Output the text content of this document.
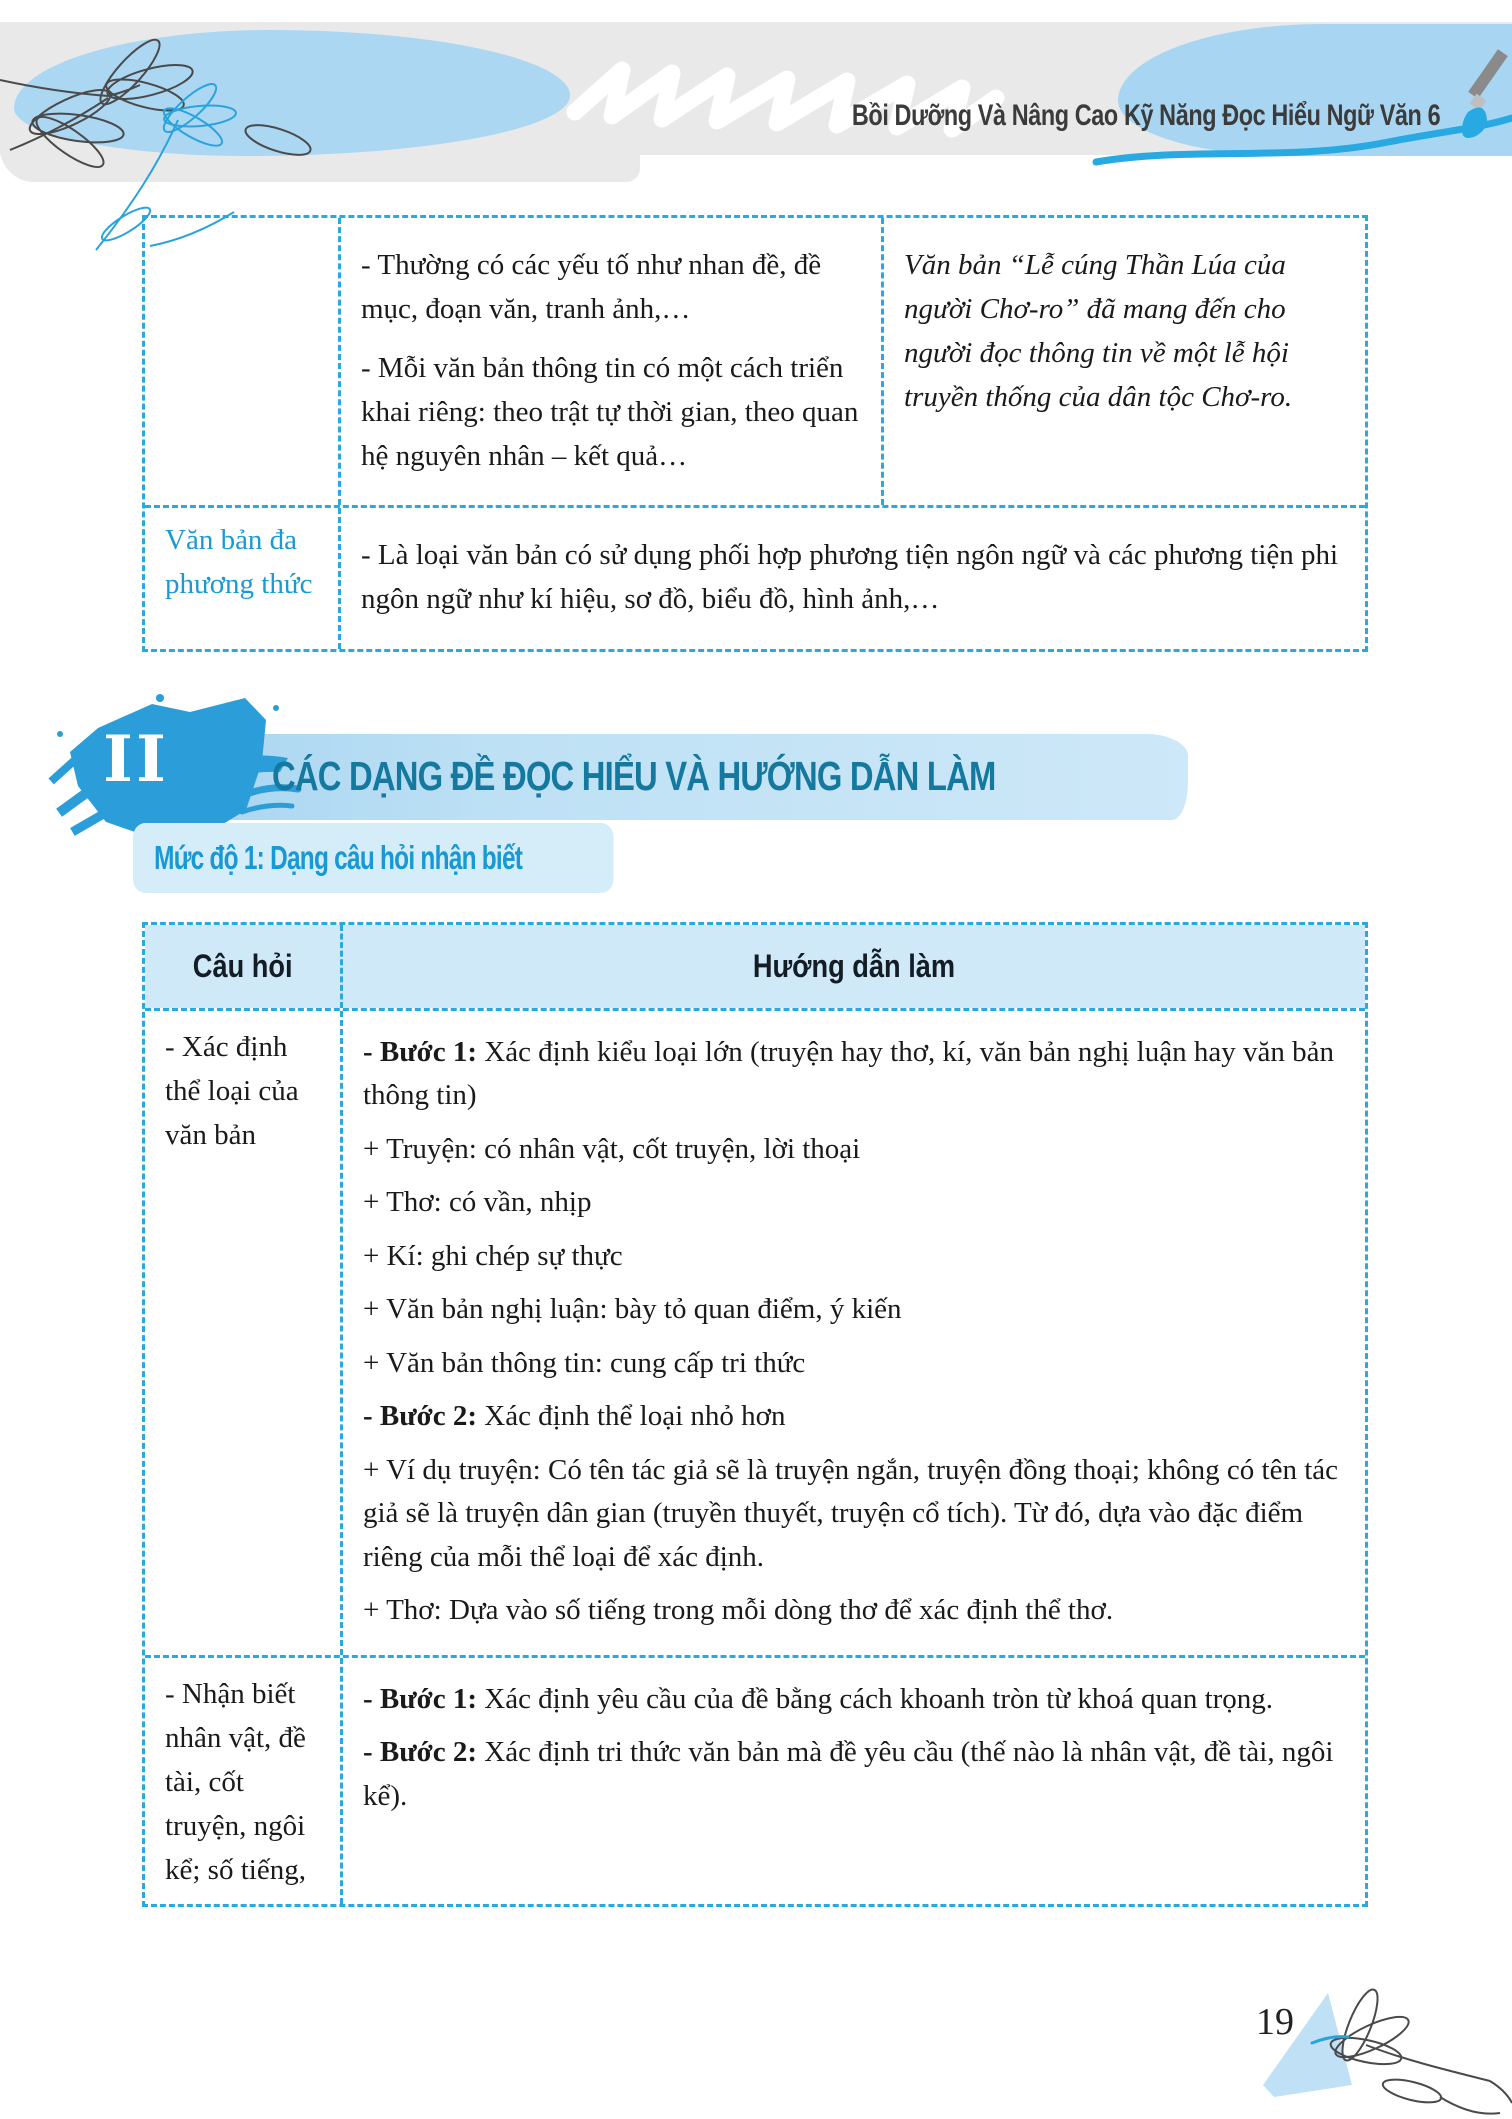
Bồi Dưỡng Và Nâng Cao Kỹ Năng Đọc Hiểu Ngữ Văn 6

- Thường có các yếu tố như nhan đề, đề mục, đoạn văn, tranh ảnh,…

- Mỗi văn bản thông tin có một cách triển khai riêng: theo trật tự thời gian, theo quan hệ nguyên nhân – kết quả…

Văn bản “Lễ cúng Thần Lúa của người Chơ-ro” đã mang đến cho người đọc thông tin về một lễ hội truyền thống của dân tộc Chơ-ro.

Văn bản đa phương thức

- Là loại văn bản có sử dụng phối hợp phương tiện ngôn ngữ và các phương tiện phi ngôn ngữ như kí hiệu, sơ đồ, biểu đồ, hình ảnh,…

II	CÁC DẠNG ĐỀ ĐỌC HIỂU VÀ HƯỚNG DẪN LÀM
Mức độ 1: Dạng câu hỏi nhận biết
Câu hỏi	Hướng dẫn làm
- Xác định thể loại của văn bản

- Bước 1: Xác định kiểu loại lớn (truyện hay thơ, kí, văn bản nghị luận hay văn bản thông tin)

+ Truyện: có nhân vật, cốt truyện, lời thoại

+ Thơ: có vần, nhịp

+ Kí: ghi chép sự thực

+ Văn bản nghị luận: bày tỏ quan điểm, ý kiến

+ Văn bản thông tin: cung cấp tri thức

- Bước 2: Xác định thể loại nhỏ hơn

+ Ví dụ truyện: Có tên tác giả sẽ là truyện ngắn, truyện đồng thoại; không có tên tác giả sẽ là truyện dân gian (truyền thuyết, truyện cổ tích). Từ đó, dựa vào đặc điểm riêng của mỗi thể loại để xác định.

+ Thơ: Dựa vào số tiếng trong mỗi dòng thơ để xác định thể thơ.

- Nhận biết nhân vật, đề tài, cốt truyện, ngôi kể; số tiếng,

- Bước 1: Xác định yêu cầu của đề bằng cách khoanh tròn từ khoá quan trọng.

- Bước 2: Xác định tri thức văn bản mà đề yêu cầu (thế nào là nhân vật, đề tài, ngôi kể).

19
